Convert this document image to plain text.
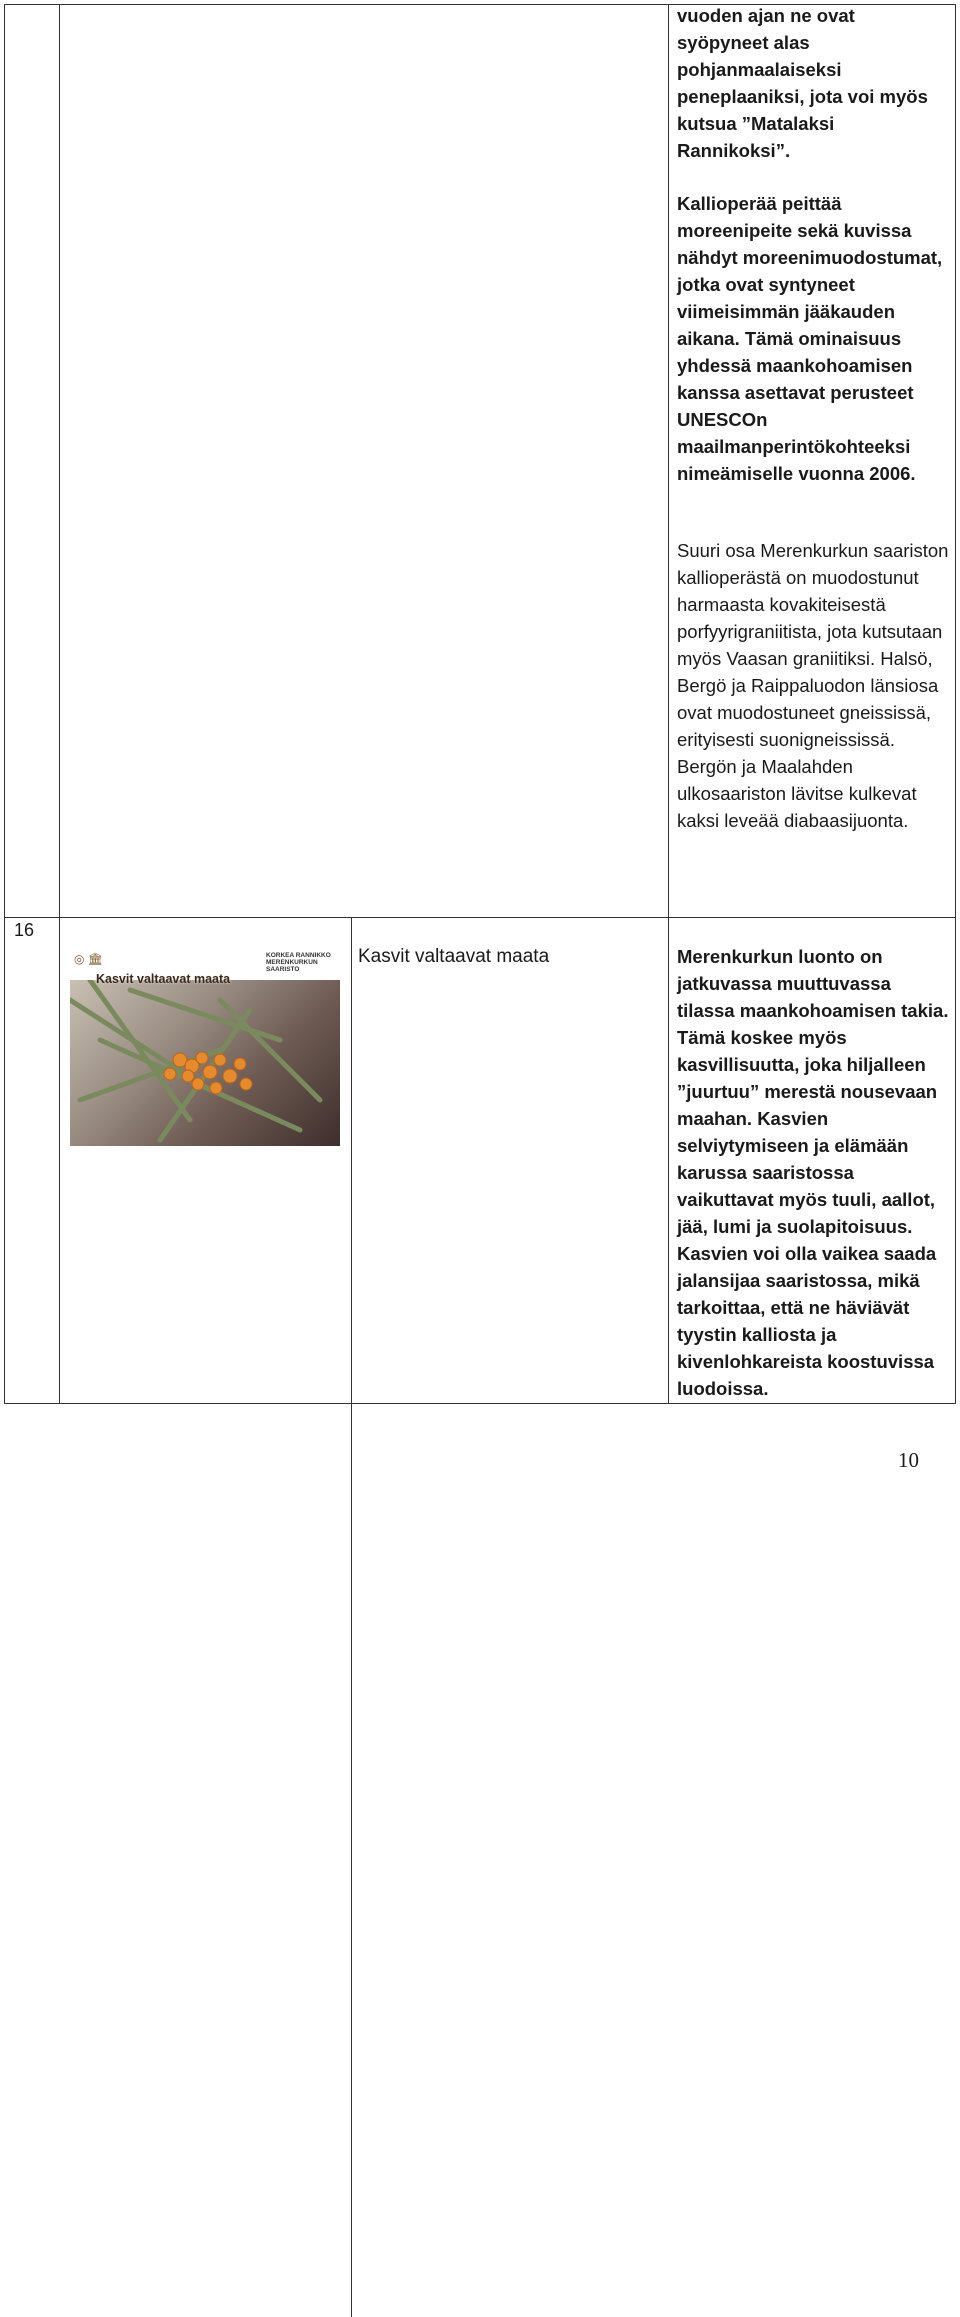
vuoden ajan ne ovat syöpyneet alas pohjanmaalaiseksi peneplaaniksi, jota voi myös kutsua ”Matalaksi Rannikoksi”.
Kallioperää peittää moreenipeite sekä kuvissa nähdyt moreenimuodostumat, jotka ovat syntyneet viimeisimmän jääkauden aikana. Tämä ominaisuus yhdessä maankohoamisen kanssa asettavat perusteet UNESCOn maailmanperintökohteeksi nimeämiselle vuonna 2006.
Suuri osa Merenkurkun saariston kallioperästä on muodostunut harmaasta kovakiteisestä porfyyrigraniitista, jota kutsutaan myös Vaasan graniitiksi. Halsö, Bergö ja Raippaluodon länsiosa ovat muodostuneet gneississä, erityisesti suonigneississä. Bergön ja Maalahden ulkosaariston lävitse kulkevat kaksi leveää diabaasijuonta.
16
◎ 🏛	KORKEA RANNIKKO MERENKURKUN SAARISTO
Kasvit valtaavat maata
Kasvit valtaavat maata	Merenkurkun luonto on jatkuvassa muuttuvassa tilassa maankohoamisen takia. Tämä koskee myös kasvillisuutta, joka hiljalleen ”juurtuu” merestä nousevaan maahan. Kasvien selviytymiseen ja elämään karussa saaristossa vaikuttavat myös tuuli, aallot, jää, lumi ja suolapitoisuus. Kasvien voi olla vaikea saada jalansijaa saaristossa, mikä tarkoittaa, että ne häviävät tyystin kalliosta ja kivenlohkareista koostuvissa luodoissa.
10
